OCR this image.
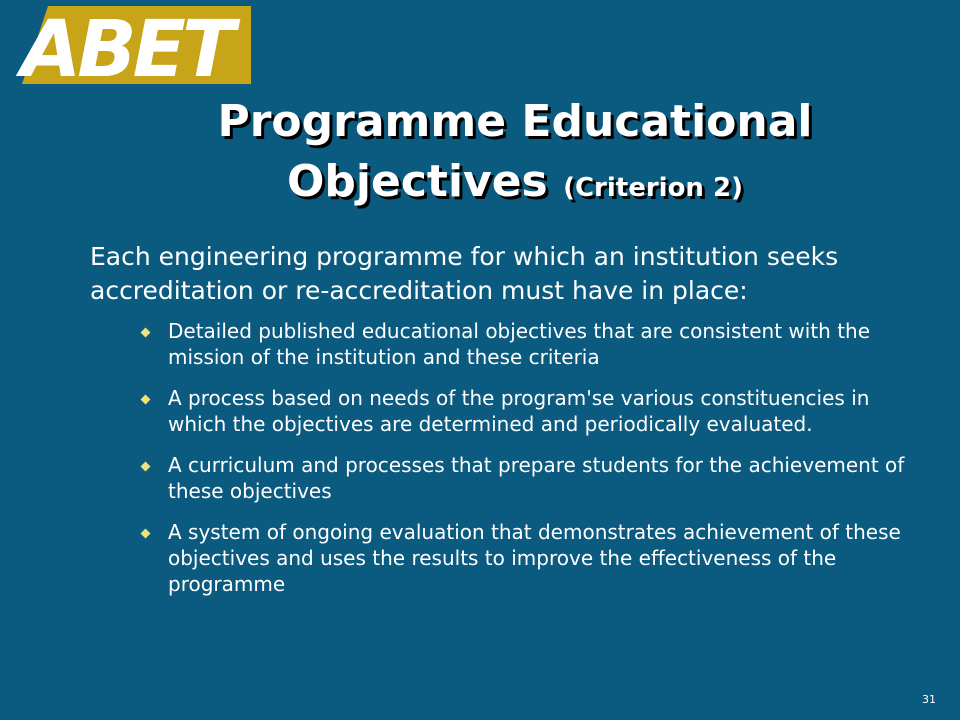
ABET
Programme Educational
Objectives (Criterion 2)

Each engineering programme for which an institution seeks accreditation or re-accreditation must have in place:

Detailed published educational objectives that are consistent with the mission of the institution and these criteria
A process based on needs of the program'se various constituencies in which the objectives are determined and periodically evaluated.
A curriculum and processes that prepare students for the achievement of these objectives
A system of ongoing evaluation that demonstrates achievement of these objectives and uses the results to improve the effectiveness of the programme
31
